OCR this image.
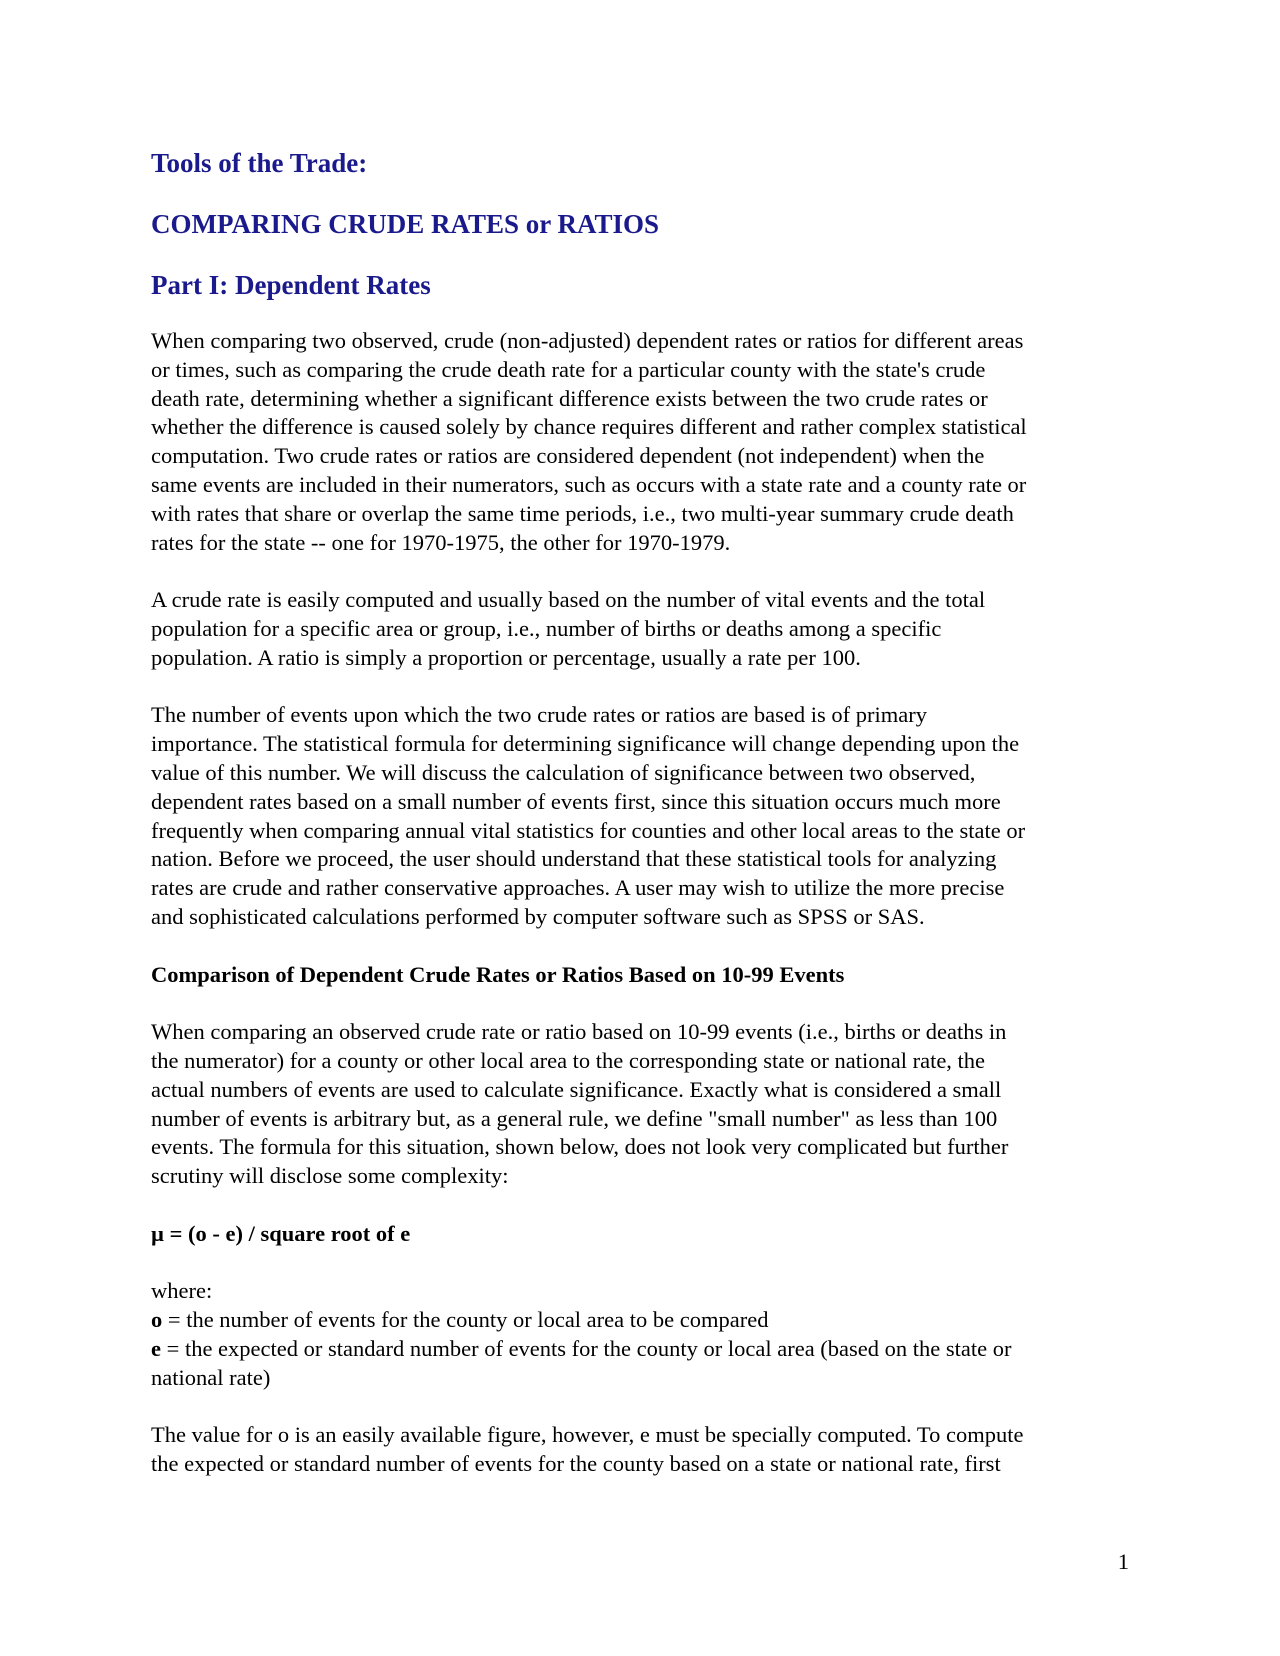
Tools of the Trade:
COMPARING CRUDE RATES or RATIOS
Part I: Dependent Rates

When comparing two observed, crude (non-adjusted) dependent rates or ratios for different areas
or times, such as comparing the crude death rate for a particular county with the state's crude
death rate, determining whether a significant difference exists between the two crude rates or
whether the difference is caused solely by chance requires different and rather complex statistical
computation. Two crude rates or ratios are considered dependent (not independent) when the
same events are included in their numerators, such as occurs with a state rate and a county rate or
with rates that share or overlap the same time periods, i.e., two multi-year summary crude death
rates for the state -- one for 1970-1975, the other for 1970-1979.

A crude rate is easily computed and usually based on the number of vital events and the total
population for a specific area or group, i.e., number of births or deaths among a specific
population. A ratio is simply a proportion or percentage, usually a rate per 100.

The number of events upon which the two crude rates or ratios are based is of primary
importance. The statistical formula for determining significance will change depending upon the
value of this number. We will discuss the calculation of significance between two observed,
dependent rates based on a small number of events first, since this situation occurs much more
frequently when comparing annual vital statistics for counties and other local areas to the state or
nation. Before we proceed, the user should understand that these statistical tools for analyzing
rates are crude and rather conservative approaches. A user may wish to utilize the more precise
and sophisticated calculations performed by computer software such as SPSS or SAS.

Comparison of Dependent Crude Rates or Ratios Based on 10-99 Events

When comparing an observed crude rate or ratio based on 10-99 events (i.e., births or deaths in
the numerator) for a county or other local area to the corresponding state or national rate, the
actual numbers of events are used to calculate significance. Exactly what is considered a small
number of events is arbitrary but, as a general rule, we define "small number" as less than 100
events. The formula for this situation, shown below, does not look very complicated but further
scrutiny will disclose some complexity:

µ = (o - e) / square root of e

where:
o = the number of events for the county or local area to be compared
e = the expected or standard number of events for the county or local area (based on the state or
national rate)

The value for o is an easily available figure, however, e must be specially computed. To compute
the expected or standard number of events for the county based on a state or national rate, first

1
